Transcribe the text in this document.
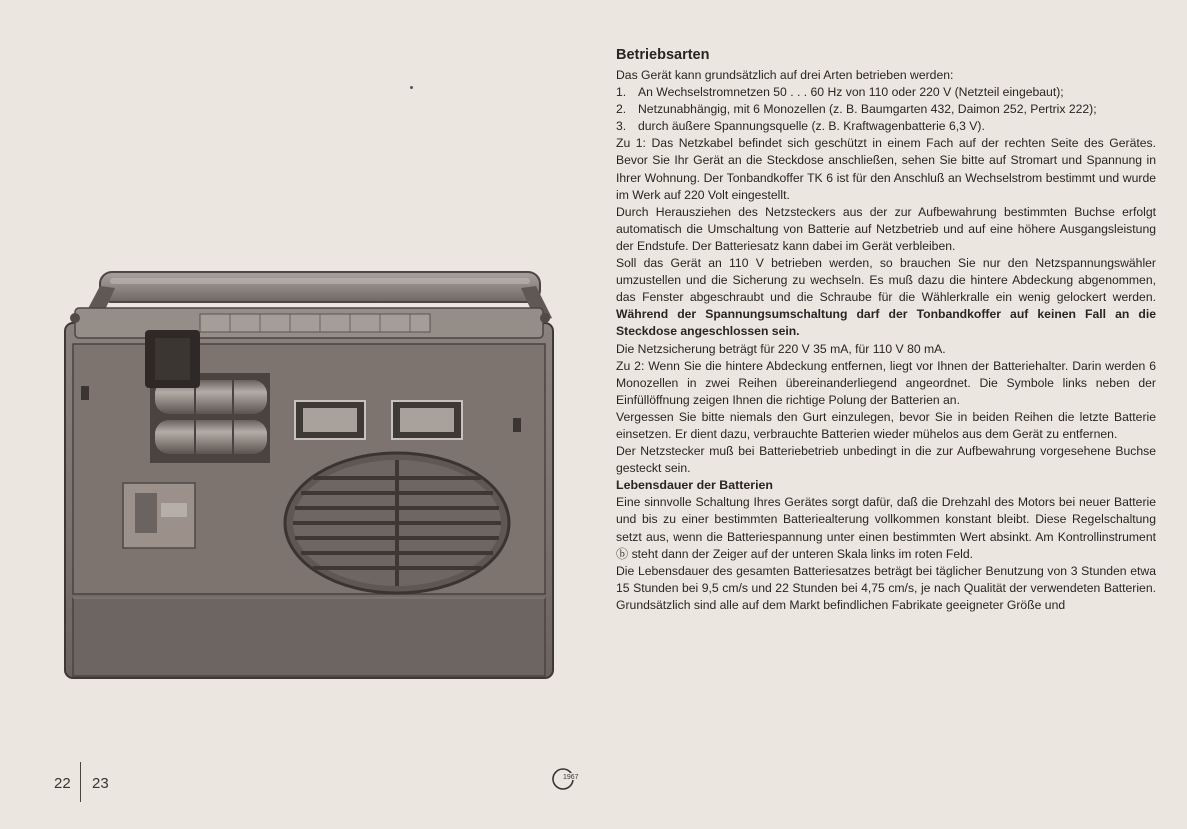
22 23	1967
Betriebsarten

Das Gerät kann grundsätzlich auf drei Arten betrieben werden:

1. An Wechselstromnetzen 50 . . . 60 Hz von 110 oder 220 V (Netzteil eingebaut);
2. Netzunabhängig, mit 6 Monozellen (z. B. Baumgarten 432, Daimon 252, Pertrix 222);
3. durch äußere Spannungsquelle (z. B. Kraftwagenbatterie 6,3 V).

Zu 1: Das Netzkabel befindet sich geschützt in einem Fach auf der rechten Seite des Gerätes. Bevor Sie Ihr Gerät an die Steckdose anschließen, sehen Sie bitte auf Stromart und Spannung in Ihrer Wohnung. Der Tonbandkoffer TK 6 ist für den Anschluß an Wechselstrom bestimmt und wurde im Werk auf 220 Volt eingestellt.

Durch Herausziehen des Netzsteckers aus der zur Aufbewahrung bestimmten Buchse erfolgt automatisch die Umschaltung von Batterie auf Netzbetrieb und auf eine höhere Ausgangsleistung der Endstufe. Der Batteriesatz kann dabei im Gerät verbleiben.

Soll das Gerät an 110 V betrieben werden, so brauchen Sie nur den Netzspannungswähler umzustellen und die Sicherung zu wechseln. Es muß dazu die hintere Abdeckung abgenommen, das Fenster abgeschraubt und die Schraube für die Wählerkralle ein wenig gelockert werden. Während der Spannungsumschaltung darf der Tonbandkoffer auf keinen Fall an die Steckdose angeschlossen sein.

Die Netzsicherung beträgt für 220 V 35 mA, für 110 V 80 mA.

Zu 2: Wenn Sie die hintere Abdeckung entfernen, liegt vor Ihnen der Batteriehalter. Darin werden 6 Monozellen in zwei Reihen übereinanderliegend angeordnet. Die Symbole links neben der Einfüllöffnung zeigen Ihnen die richtige Polung der Batterien an.

Vergessen Sie bitte niemals den Gurt einzulegen, bevor Sie in beiden Reihen die letzte Batterie einsetzen. Er dient dazu, verbrauchte Batterien wieder mühelos aus dem Gerät zu entfernen.

Der Netzstecker muß bei Batteriebetrieb unbedingt in die zur Aufbewahrung vorgesehene Buchse gesteckt sein.

Lebensdauer der Batterien

Eine sinnvolle Schaltung Ihres Gerätes sorgt dafür, daß die Drehzahl des Motors bei neuer Batterie und bis zu einer bestimmten Batteriealterung vollkommen konstant bleibt. Diese Regelschaltung setzt aus, wenn die Batteriespannung unter einen bestimmten Wert absinkt. Am Kontrollinstrument ⓑ steht dann der Zeiger auf der unteren Skala links im roten Feld.

Die Lebensdauer des gesamten Batteriesatzes beträgt bei täglicher Benutzung von 3 Stunden etwa 15 Stunden bei 9,5 cm/s und 22 Stunden bei 4,75 cm/s, je nach Qualität der verwendeten Batterien. Grundsätzlich sind alle auf dem Markt befindlichen Fabrikate geeigneter Größe und
